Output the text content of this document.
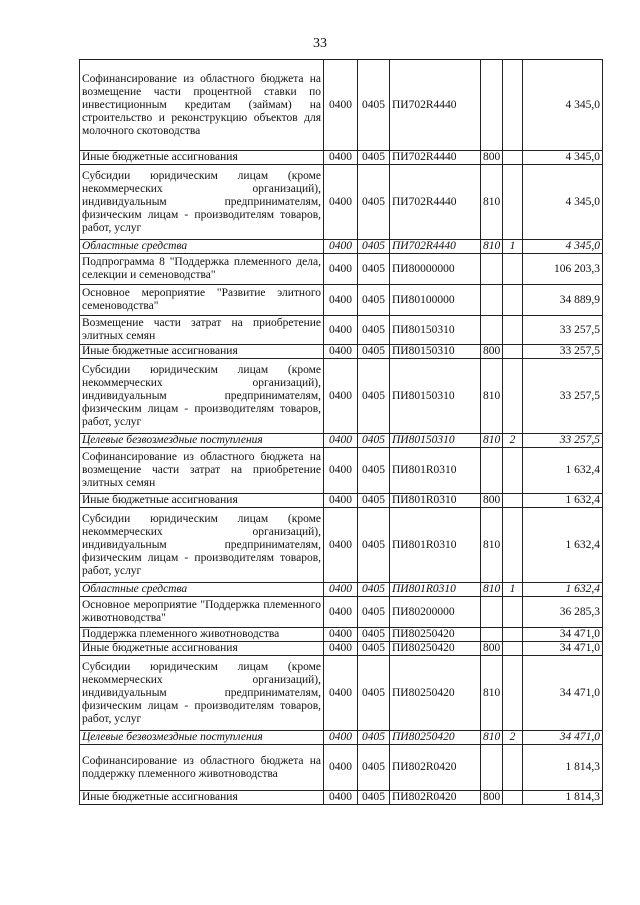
33
Софинансирование из областного бюджета на возмещение части процентной ставки по инвестиционным кредитам (займам) на строительство и реконструкцию объектов для молочного скотоводства	0400	0405	ПИ702R4440			4 345,0
Иные бюджетные ассигнования	0400	0405	ПИ702R4440	800		4 345,0
Субсидии юридическим лицам (кроме некоммерческих организаций), индивидуальным предпринимателям, физическим лицам - производителям товаров, работ, услуг	0400	0405	ПИ702R4440	810		4 345,0
Областные средства	0400	0405	ПИ702R4440	810	1	4 345,0
Подпрограмма 8 "Поддержка племенного дела, селекции и семеноводства"	0400	0405	ПИ80000000			106 203,3
Основное мероприятие "Развитие элитного семеноводства"	0400	0405	ПИ80100000			34 889,9
Возмещение части затрат на приобретение элитных семян	0400	0405	ПИ80150310			33 257,5
Иные бюджетные ассигнования	0400	0405	ПИ80150310	800		33 257,5
Субсидии юридическим лицам (кроме некоммерческих организаций), индивидуальным предпринимателям, физическим лицам - производителям товаров, работ, услуг	0400	0405	ПИ80150310	810		33 257,5
Целевые безвозмездные поступления	0400	0405	ПИ80150310	810	2	33 257,5
Софинансирование из областного бюджета на возмещение части затрат на приобретение элитных семян	0400	0405	ПИ801R0310			1 632,4
Иные бюджетные ассигнования	0400	0405	ПИ801R0310	800		1 632,4
Субсидии юридическим лицам (кроме некоммерческих организаций), индивидуальным предпринимателям, физическим лицам - производителям товаров, работ, услуг	0400	0405	ПИ801R0310	810		1 632,4
Областные средства	0400	0405	ПИ801R0310	810	1	1 632,4
Основное мероприятие "Поддержка племенного животноводства"	0400	0405	ПИ80200000			36 285,3
Поддержка племенного животноводства	0400	0405	ПИ80250420			34 471,0
Иные бюджетные ассигнования	0400	0405	ПИ80250420	800		34 471,0
Субсидии юридическим лицам (кроме некоммерческих организаций), индивидуальным предпринимателям, физическим лицам - производителям товаров, работ, услуг	0400	0405	ПИ80250420	810		34 471,0
Целевые безвозмездные поступления	0400	0405	ПИ80250420	810	2	34 471,0
Софинансирование из областного бюджета на поддержку племенного животноводства	0400	0405	ПИ802R0420			1 814,3
Иные бюджетные ассигнования	0400	0405	ПИ802R0420	800		1 814,3
